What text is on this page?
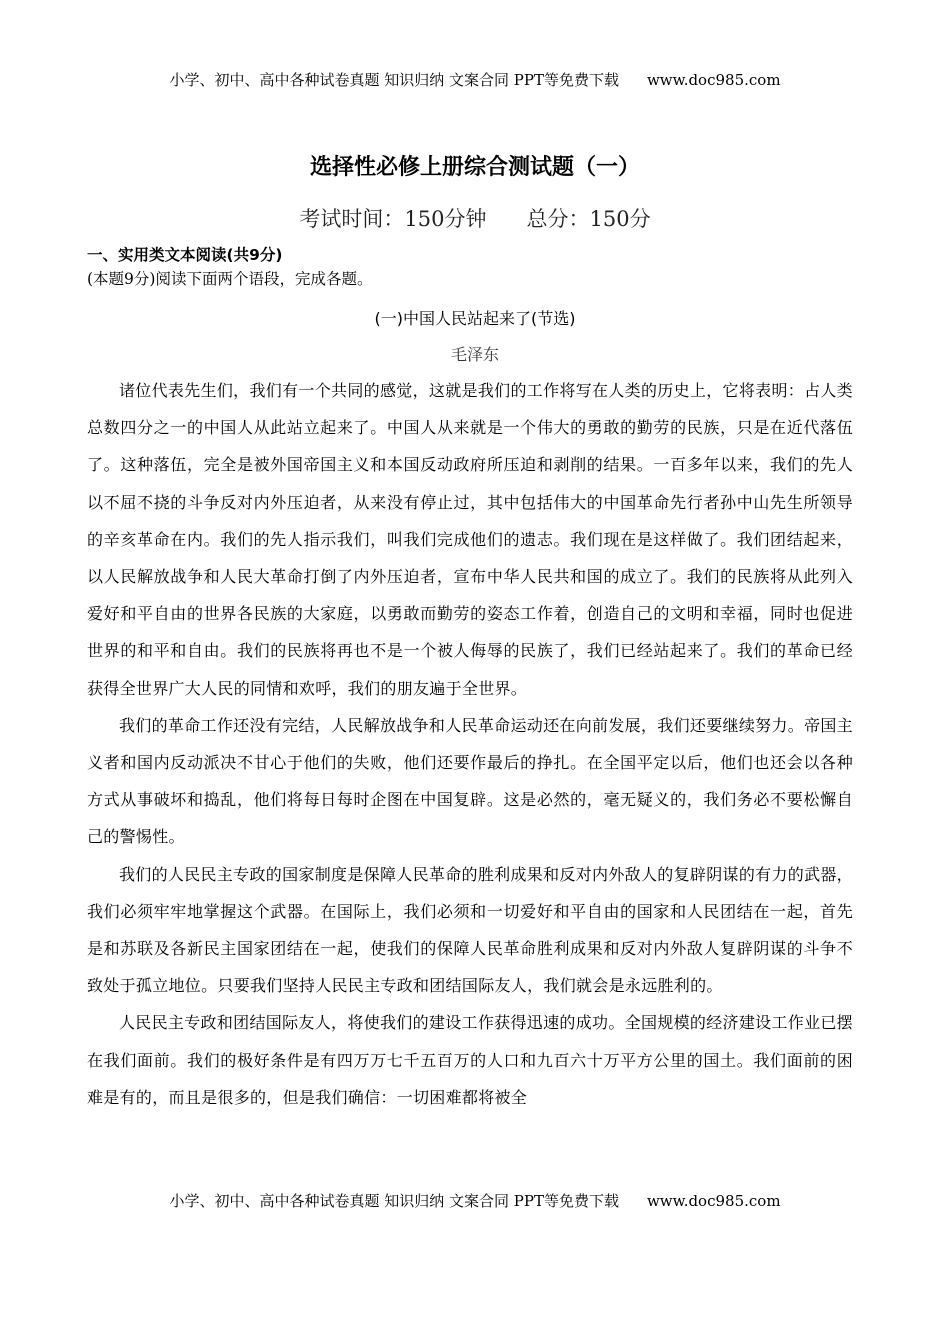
小学、初中、高中各种试卷真题 知识归纳 文案合同 PPT等免费下载 www.doc985.com
选择性必修上册综合测试题（一）
考试时间：150分钟 总分：150分
一、实用类文本阅读(共9分)
(本题9分)阅读下面两个语段，完成各题。
(一)中国人民站起来了(节选)
毛泽东

诸位代表先生们，我们有一个共同的感觉，这就是我们的工作将写在人类的历史上，它将表明：占人类总数四分之一的中国人从此站立起来了。中国人从来就是一个伟大的勇敢的勤劳的民族，只是在近代落伍了。这种落伍，完全是被外国帝国主义和本国反动政府所压迫和剥削的结果。一百多年以来，我们的先人以不屈不挠的斗争反对内外压迫者，从来没有停止过，其中包括伟大的中国革命先行者孙中山先生所领导的辛亥革命在内。我们的先人指示我们，叫我们完成他们的遗志。我们现在是这样做了。我们团结起来，以人民解放战争和人民大革命打倒了内外压迫者，宣布中华人民共和国的成立了。我们的民族将从此列入爱好和平自由的世界各民族的大家庭，以勇敢而勤劳的姿态工作着，创造自己的文明和幸福，同时也促进世界的和平和自由。我们的民族将再也不是一个被人侮辱的民族了，我们已经站起来了。我们的革命已经获得全世界广大人民的同情和欢呼，我们的朋友遍于全世界。

我们的革命工作还没有完结，人民解放战争和人民革命运动还在向前发展，我们还要继续努力。帝国主义者和国内反动派决不甘心于他们的失败，他们还要作最后的挣扎。在全国平定以后，他们也还会以各种方式从事破坏和捣乱，他们将每日每时企图在中国复辟。这是必然的，毫无疑义的，我们务必不要松懈自己的警惕性。

我们的人民民主专政的国家制度是保障人民革命的胜利成果和反对内外敌人的复辟阴谋的有力的武器，我们必须牢牢地掌握这个武器。在国际上，我们必须和一切爱好和平自由的国家和人民团结在一起，首先是和苏联及各新民主国家团结在一起，使我们的保障人民革命胜利成果和反对内外敌人复辟阴谋的斗争不致处于孤立地位。只要我们坚持人民民主专政和团结国际友人，我们就会是永远胜利的。

人民民主专政和团结国际友人，将使我们的建设工作获得迅速的成功。全国规模的经济建设工作业已摆在我们面前。我们的极好条件是有四万万七千五百万的人口和九百六十万平方公里的国土。我们面前的困难是有的，而且是很多的，但是我们确信：一切困难都将被全

小学、初中、高中各种试卷真题 知识归纳 文案合同 PPT等免费下载 www.doc985.com
